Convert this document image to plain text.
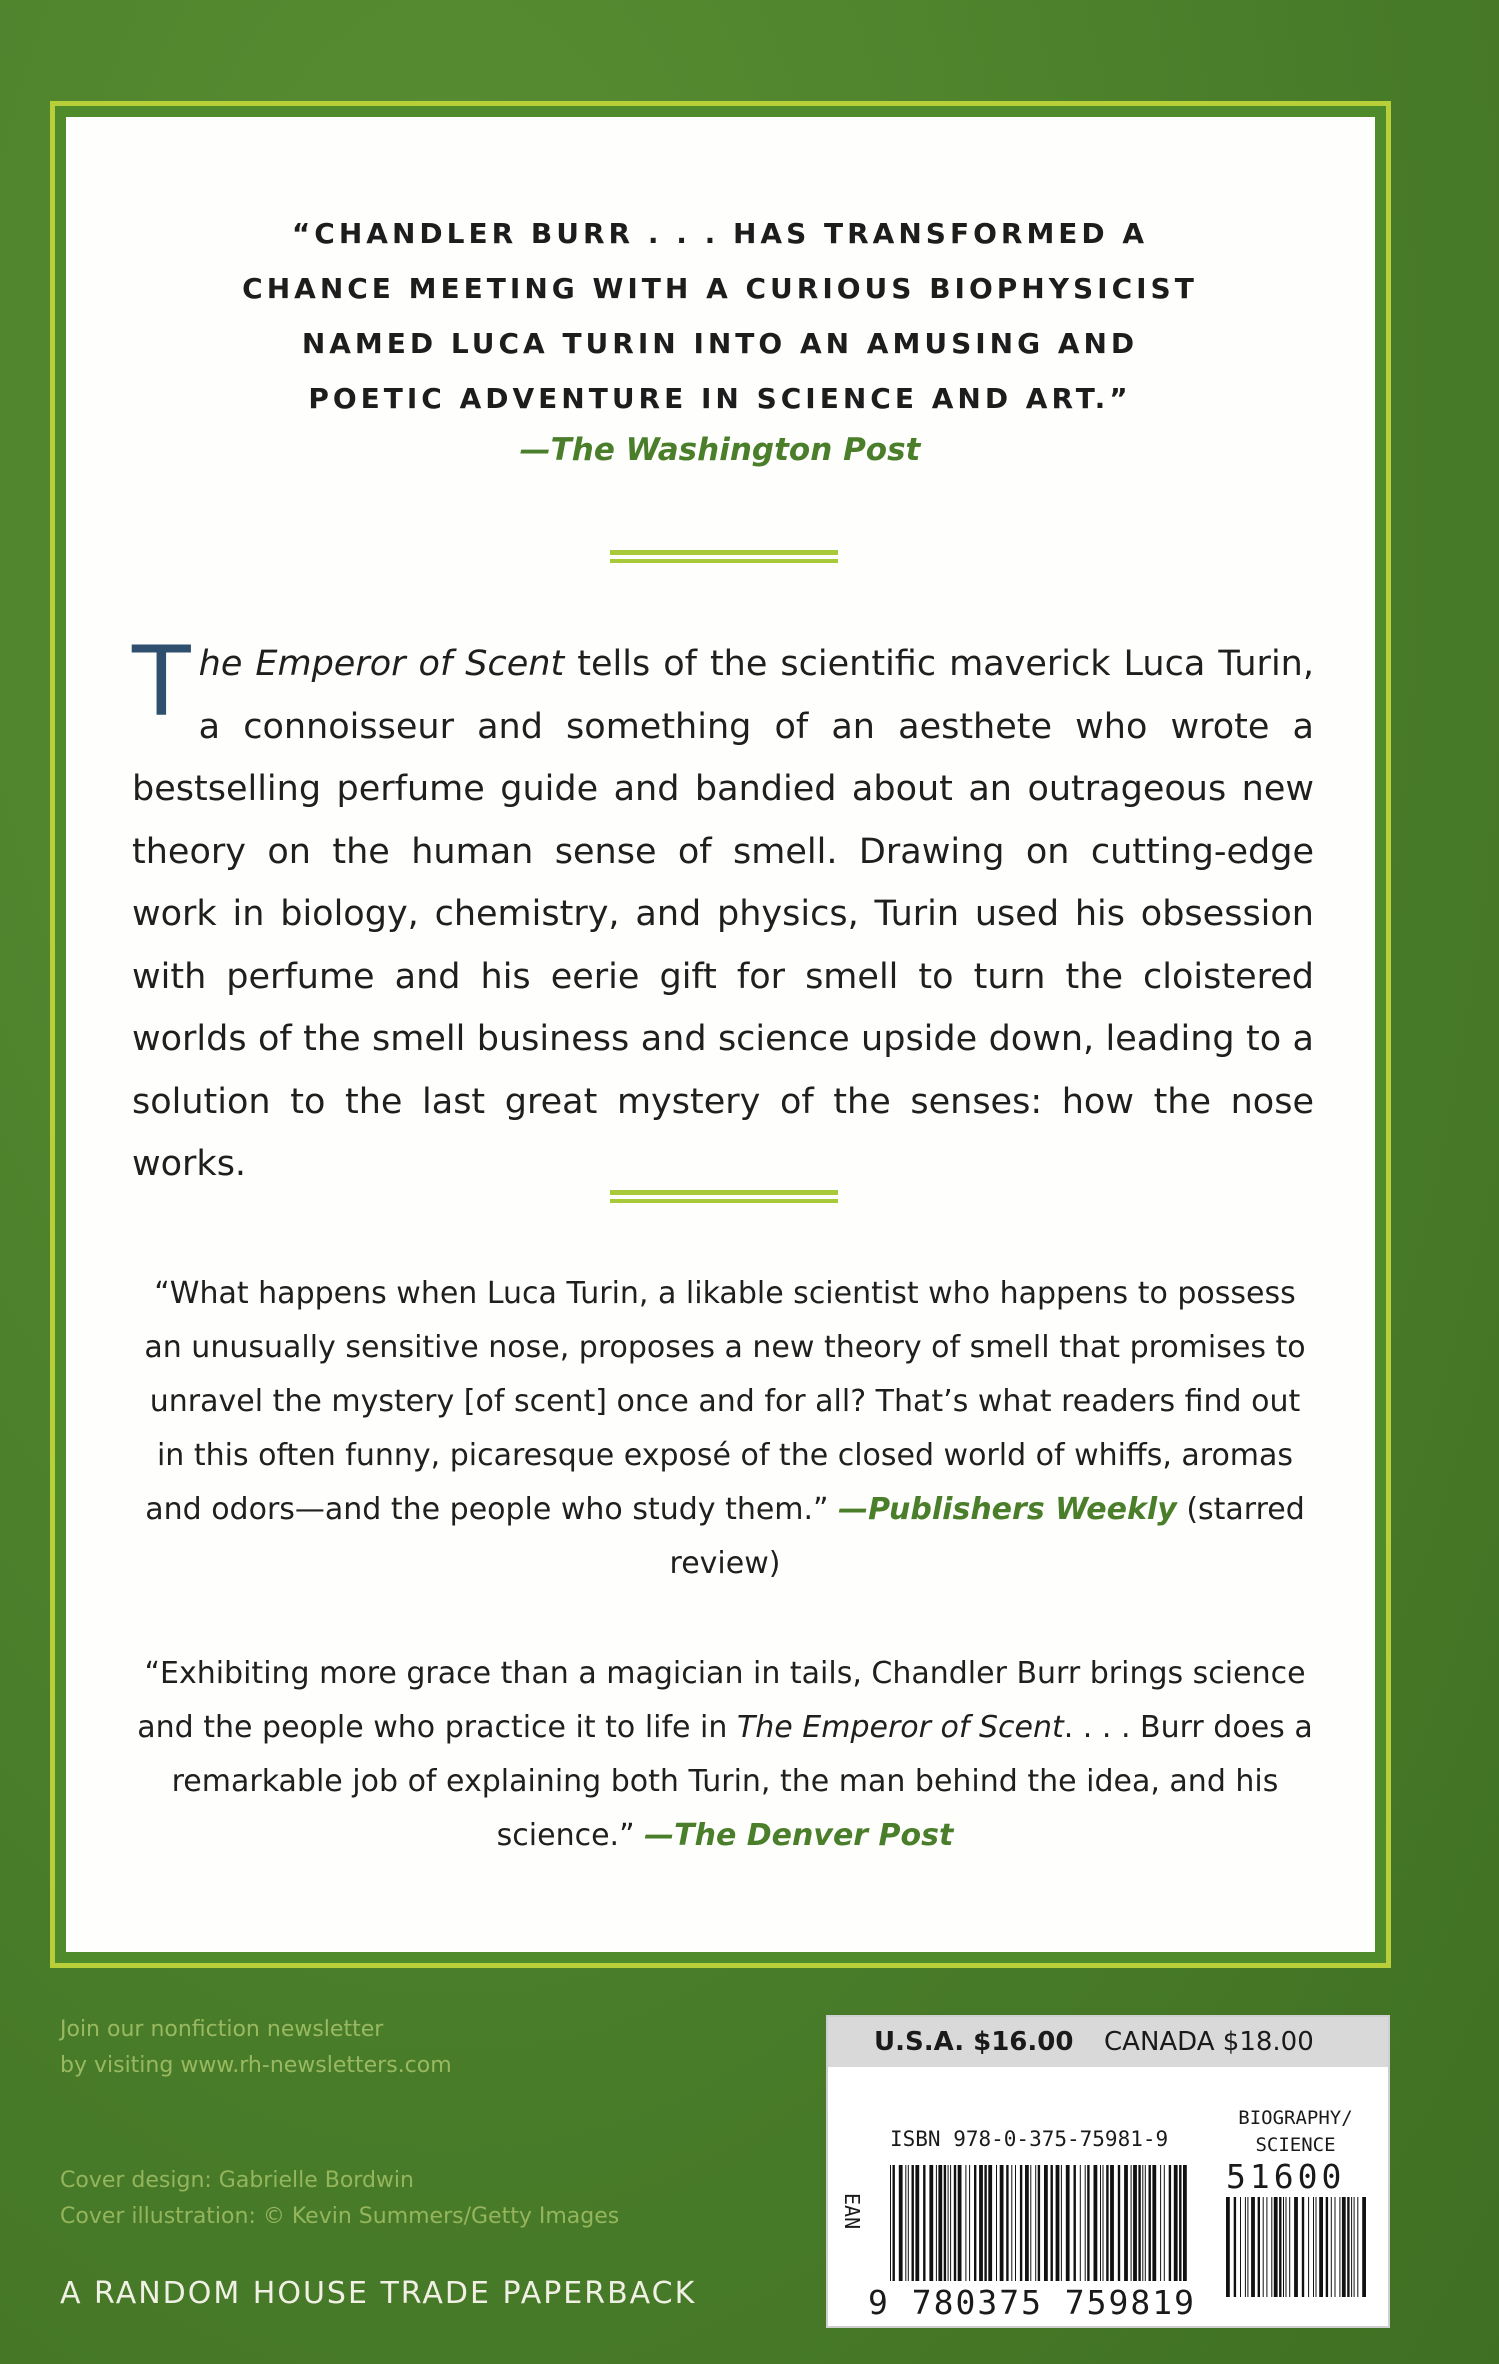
“CHANDLER BURR . . . HAS TRANSFORMED A
CHANCE MEETING WITH A CURIOUS BIOPHYSICIST
NAMED LUCA TURIN INTO AN AMUSING AND
POETIC ADVENTURE IN SCIENCE AND ART.”
—The Washington Post
The Emperor of Scent tells of the scientific maverick Luca Turin, a connoisseur and something of an aesthete who wrote a bestselling perfume guide and bandied about an outrageous new theory on the human sense of smell. Drawing on cutting-edge work in biology, chemistry, and physics, Turin used his obsession with perfume and his eerie gift for smell to turn the cloistered worlds of the smell business and science upside down, leading to a solution to the last great mystery of the senses: how the nose works.
“What happens when Luca Turin, a likable scientist who happens to possess an unusually sensitive nose, proposes a new theory of smell that promises to unravel the mystery [of scent] once and for all? That’s what readers find out in this often funny, picaresque exposé of the closed world of whiffs, aromas and odors—and the people who study them.” —Publishers Weekly (starred review)
“Exhibiting more grace than a magician in tails, Chandler Burr brings science and the people who practice it to life in The Emperor of Scent. . . . Burr does a remarkable job of explaining both Turin, the man behind the idea, and his science.” —The Denver Post
Join our nonfiction newsletter
by visiting www.rh-newsletters.com
Cover design: Gabrielle Bordwin
Cover illustration: © Kevin Summers/Getty Images
A RANDOM HOUSE TRADE PAPERBACK
U.S.A. $16.00 CANADA $18.00
ISBN 978-0-375-75981-9
BIOGRAPHY/
SCIENCE
EAN
9 780375 759819
51600
